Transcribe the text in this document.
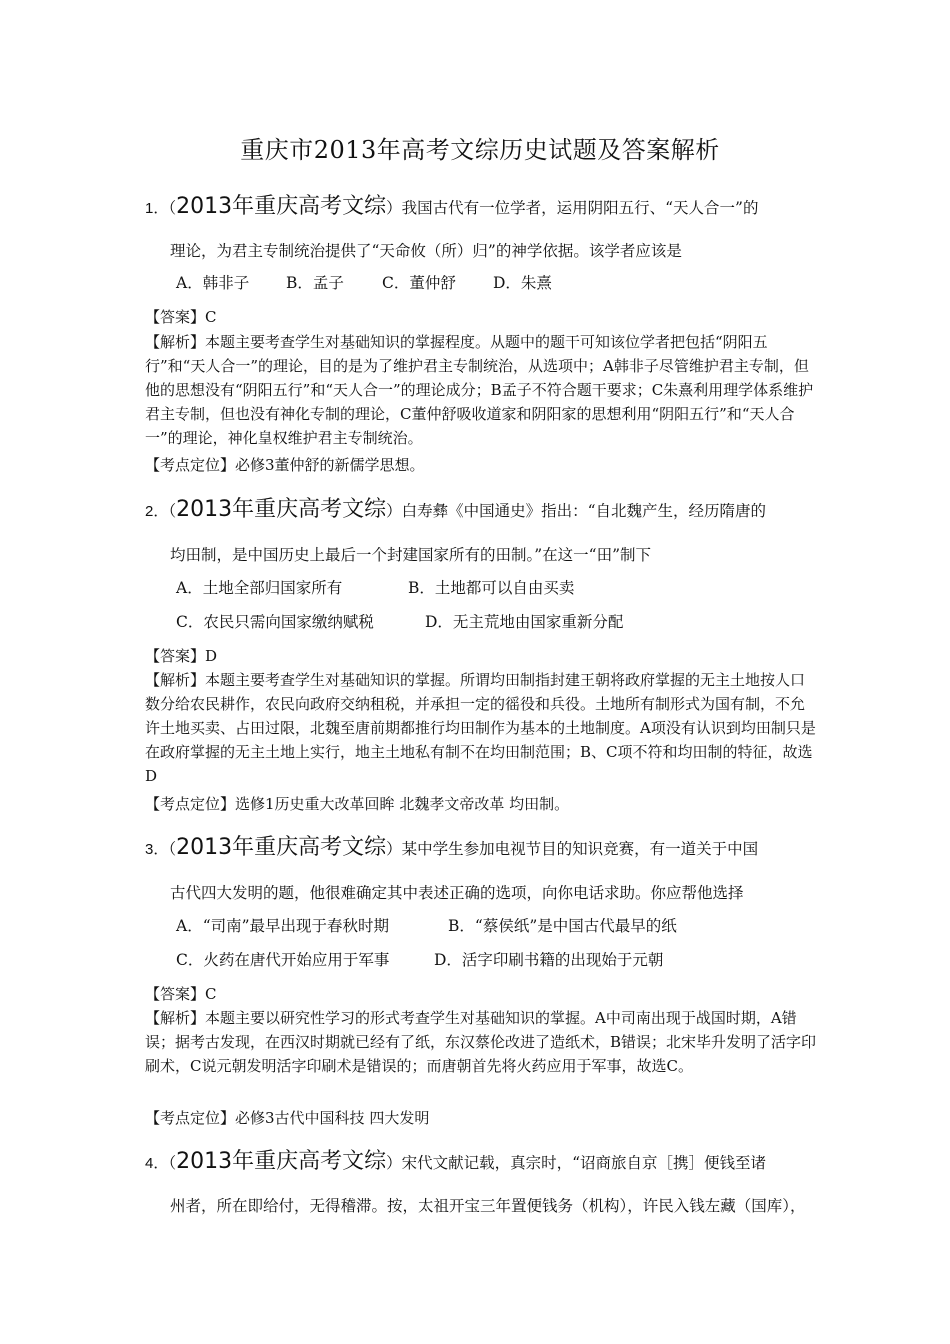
重庆市2013年高考文综历史试题及答案解析
1．（2013年重庆高考文综）我国古代有一位学者，运用阴阳五行、“天人合一”的
理论，为君主专制统治提供了“天命攸（所）归”的神学依据。该学者应该是
A．韩非子 B．孟子 C．董仲舒 D．朱熹
【答案】C
【解析】本题主要考查学生对基础知识的掌握程度。从题中的题干可知该位学者把包括“阴阳五行”和“天人合一”的理论，目的是为了维护君主专制统治，从选项中；A韩非子尽管维护君主专制，但他的思想没有“阴阳五行”和“天人合一”的理论成分；B孟子不符合题干要求；C朱熹利用理学体系维护君主专制，但也没有神化专制的理论，C董仲舒吸收道家和阴阳家的思想利用“阴阳五行”和“天人合一”的理论，神化皇权维护君主专制统治。
【考点定位】必修3董仲舒的新儒学思想。
2．（2013年重庆高考文综）白寿彝《中国通史》指出：“自北魏产生，经历隋唐的
均田制，是中国历史上最后一个封建国家所有的田制。”在这一“田”制下
A．土地全部归国家所有	B．土地都可以自由买卖
C．农民只需向国家缴纳赋税	D．无主荒地由国家重新分配
【答案】D
【解析】本题主要考查学生对基础知识的掌握。所谓均田制指封建王朝将政府掌握的无主土地按人口数分给农民耕作，农民向政府交纳租税，并承担一定的徭役和兵役。土地所有制形式为国有制，不允许土地买卖、占田过限，北魏至唐前期都推行均田制作为基本的土地制度。A项没有认识到均田制只是在政府掌握的无主土地上实行，地主土地私有制不在均田制范围；B、C项不符和均田制的特征，故选D
【考点定位】选修1历史重大改革回眸 北魏孝文帝改革 均田制。
3．（2013年重庆高考文综）某中学生参加电视节目的知识竞赛，有一道关于中国
古代四大发明的题，他很难确定其中表述正确的选项，向你电话求助。你应帮他选择
A．“司南”最早出现于春秋时期	B．“蔡侯纸”是中国古代最早的纸
C．火药在唐代开始应用于军事	D．活字印刷书籍的出现始于元朝
【答案】C
【解析】本题主要以研究性学习的形式考查学生对基础知识的掌握。A中司南出现于战国时期，A错误；据考古发现，在西汉时期就已经有了纸，东汉蔡伦改进了造纸术，B错误；北宋毕升发明了活字印刷术，C说元朝发明活字印刷术是错误的；而唐朝首先将火药应用于军事，故选C。
【考点定位】必修3古代中国科技 四大发明
4．（2013年重庆高考文综）宋代文献记载，真宗时，“诏商旅自京［携］便钱至诸
州者，所在即给付，无得稽滞。按，太祖开宝三年置便钱务（机构），许民入钱左藏（国库），
